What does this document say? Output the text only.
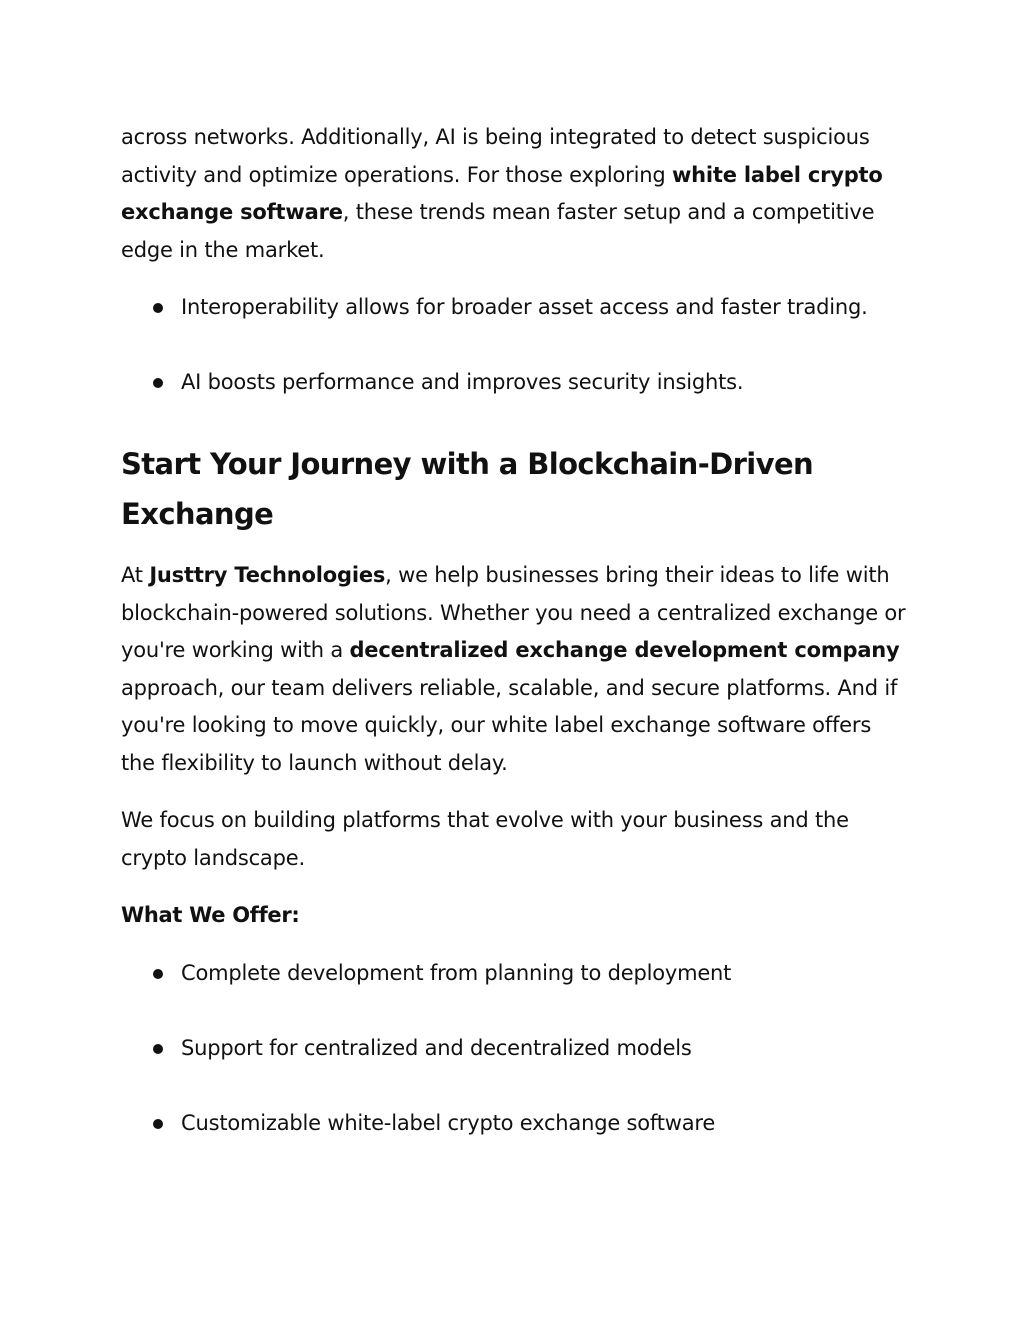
across networks. Additionally, AI is being integrated to detect suspicious activity and optimize operations. For those exploring white label crypto exchange software, these trends mean faster setup and a competitive edge in the market.

Interoperability allows for broader asset access and faster trading.
AI boosts performance and improves security insights.
Start Your Journey with a Blockchain-Driven
Exchange

At Justtry Technologies, we help businesses bring their ideas to life with blockchain-powered solutions. Whether you need a centralized exchange or you're working with a decentralized exchange development company approach, our team delivers reliable, scalable, and secure platforms. And if you're looking to move quickly, our white label exchange software offers the flexibility to launch without delay.

We focus on building platforms that evolve with your business and the crypto landscape.

What We Offer:
Complete development from planning to deployment
Support for centralized and decentralized models
Customizable white-label crypto exchange software
